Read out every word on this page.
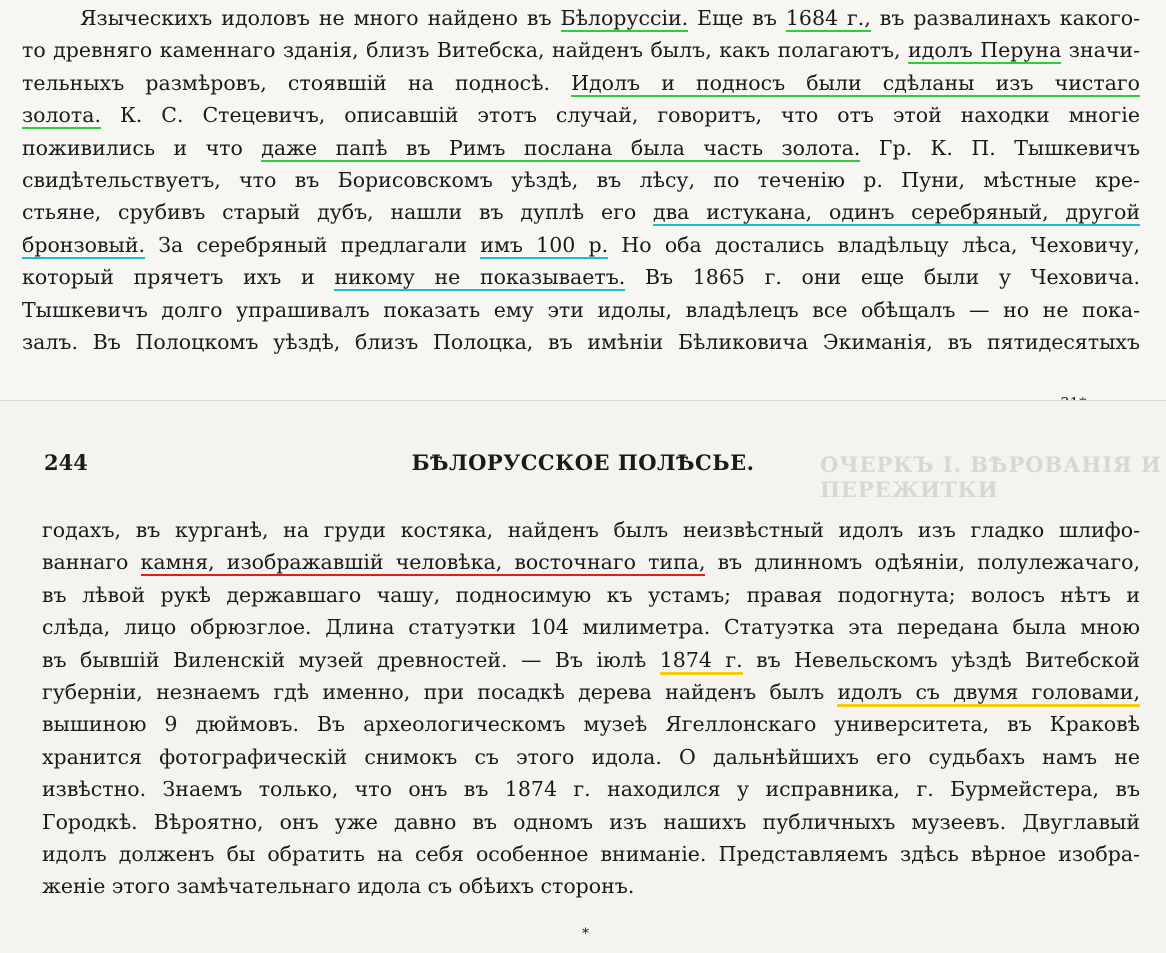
Языческихъ идоловъ не много найдено въ Бѣлоруссіи. Еще въ 1684 г., въ развалинахъ какого-
то древняго каменнаго зданія, близъ Витебска, найденъ былъ, какъ полагаютъ, идолъ Перуна значи-
тельныхъ размѣровъ, стоявшій на подносѣ. Идолъ и подносъ были сдѣланы изъ чистаго
золота. К. С. Стецевичъ, описавшій этотъ случай, говоритъ, что отъ этой находки многіе
поживились и что даже папѣ въ Римъ послана была часть золота. Гр. К. П. Тышкевичъ
свидѣтельствуетъ, что въ Борисовскомъ уѣздѣ, въ лѣсу, по теченію р. Пуни, мѣстные кре-
стьяне, срубивъ старый дубъ, нашли въ дуплѣ его два истукана, одинъ серебряный, другой
бронзовый. За серебряный предлагали имъ 100 р. Но оба достались владѣльцу лѣса, Чеховичу,
который прячетъ ихъ и никому не показываетъ. Въ 1865 г. они еще были у Чеховича.
Тышкевичъ долго упрашивалъ показать ему эти идолы, владѣлецъ все обѣщалъ — но не пока-
залъ. Въ Полоцкомъ уѣздѣ, близъ Полоцка, въ имѣніи Бѣликовича Экиманія, въ пятидесятыхъ
годахъ, въ курганѣ, на груди костяка, найденъ былъ неизвѣстный идолъ изъ гладко шлифо-
ваннаго камня, изображавшій человѣка, восточнаго типа, въ длинномъ одѣяніи, полулежачаго,
въ лѣвой рукѣ державшаго чашу, подносимую къ устамъ; правая подогнута; волосъ нѣтъ и
слѣда, лицо обрюзглое. Длина статуэтки 104 милиметра. Статуэтка эта передана была мною
въ бывшій Виленскій музей древностей. — Въ іюлѣ 1874 г. въ Невельскомъ уѣздѣ Витебской
губерніи, незнаемъ гдѣ именно, при посадкѣ дерева найденъ былъ идолъ съ двумя головами,
вышиною 9 дюймовъ. Въ археологическомъ музеѣ Ягеллонскаго университета, въ Краковѣ
хранится фотографическій снимокъ съ этого идола. О дальнѣйшихъ его судьбахъ намъ не
извѣстно. Знаемъ только, что онъ въ 1874 г. находился у исправника, г. Бурмейстера, въ
Городкѣ. Вѣроятно, онъ уже давно въ одномъ изъ нашихъ публичныхъ музеевъ. Двуглавый
идолъ долженъ бы обратить на себя особенное вниманіе. Представляемъ здѣсь вѣрное изобра-
женіе этого замѣчательнаго идола съ обѣихъ сторонъ.
ОЧЕРКЪ I. ВѢРОВАНІЯ И ПЕРЕЖИТКИ
244	БѢЛОРУССКОЕ ПОЛѢСЬЕ.
*
